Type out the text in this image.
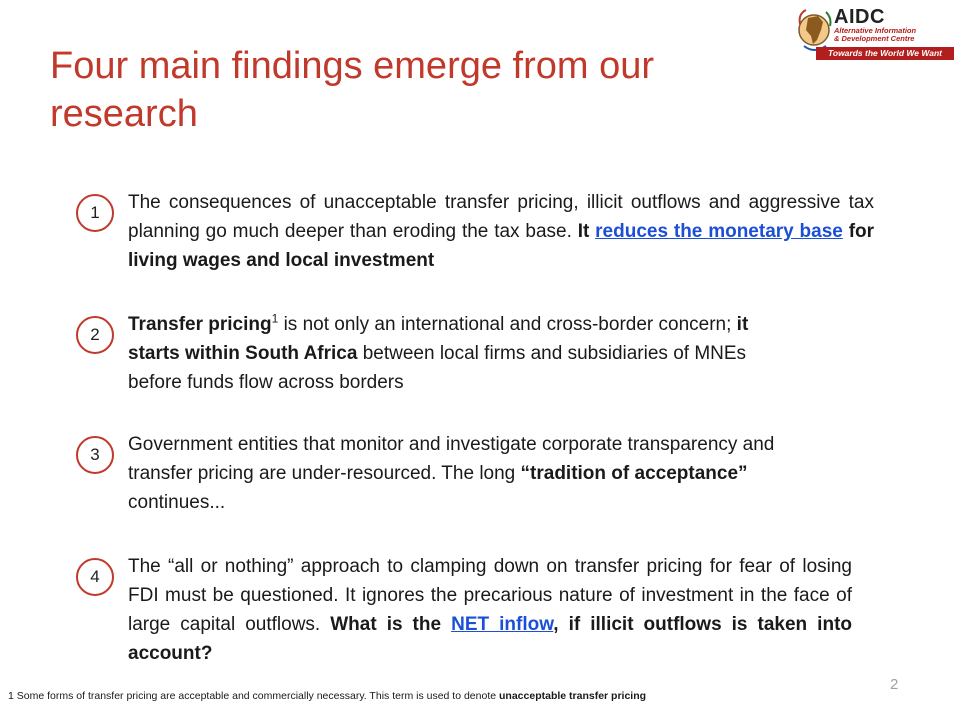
Four main findings emerge from our research
AIDC
Alternative Information
& Development Centre
Towards the World We Want
1	The consequences of unacceptable transfer pricing, illicit outflows and aggressive tax planning go much deeper than eroding the tax base. It reduces the monetary base for living wages and local investment
2	Transfer pricing$^1$ is not only an international and cross-border concern; it starts within South Africa between local firms and subsidiaries of MNEs before funds flow across borders
3	Government entities that monitor and investigate corporate transparency and transfer pricing are under-resourced. The long “tradition of acceptance” continues...
4	The “all or nothing” approach to clamping down on transfer pricing for fear of losing FDI must be questioned. It ignores the precarious nature of investment in the face of large capital outflows. What is the NET inflow, if illicit outflows is taken into account?
1 Some forms of transfer pricing are acceptable and commercially necessary. This term is used to denote unacceptable transfer pricing
2
